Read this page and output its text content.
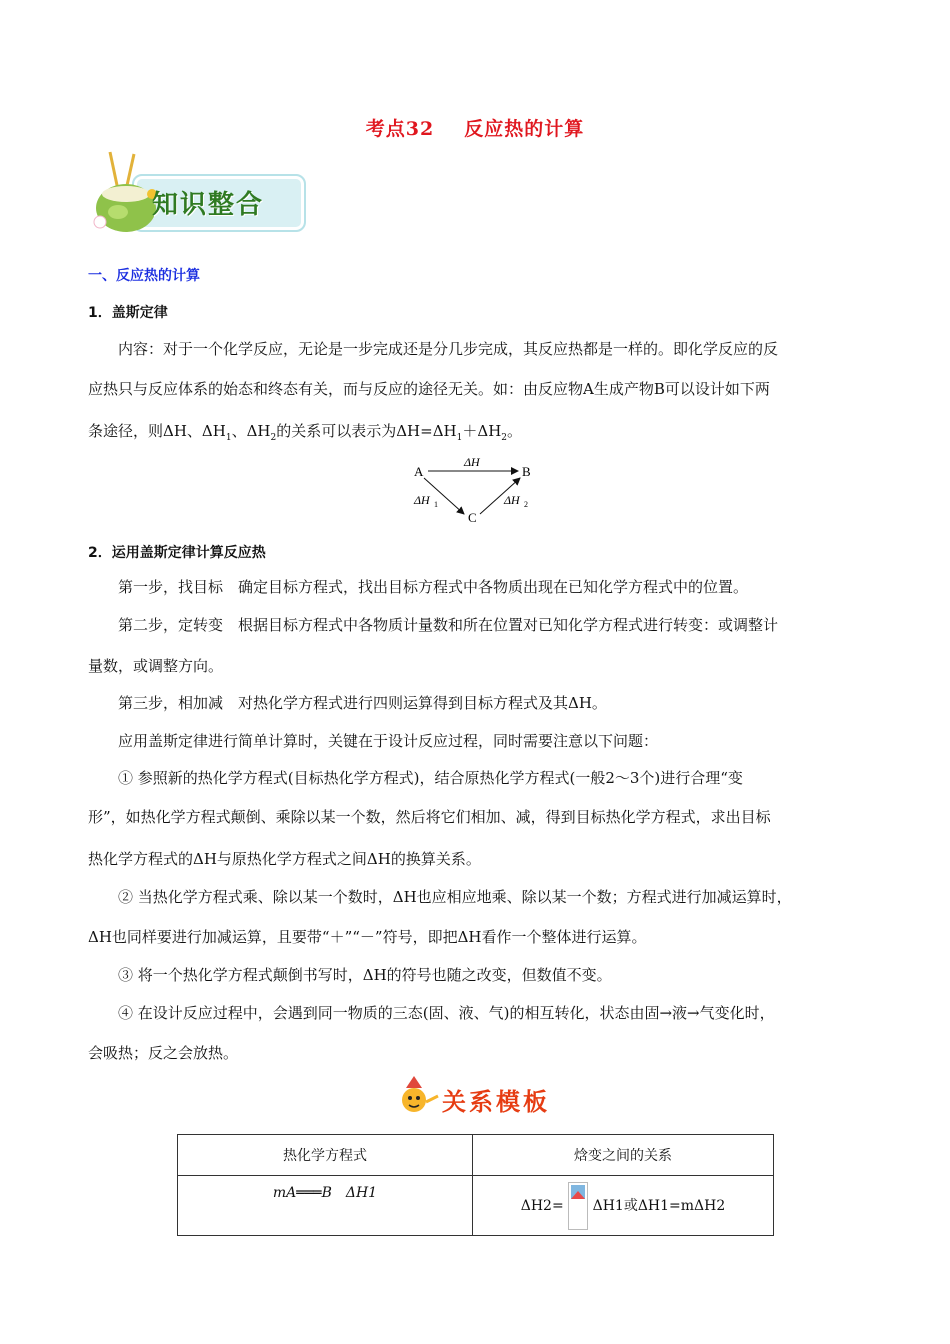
考点32 反应热的计算
知识整合
一、反应热的计算
1．盖斯定律
内容：对于一个化学反应，无论是一步完成还是分几步完成，其反应热都是一样的。即化学反应的反
应热只与反应体系的始态和终态有关，而与反应的途径无关。如：由反应物A生成产物B可以设计如下两
条途径，则ΔH、$\Delta H_1$、$\Delta H_2$的关系可以表示为$\Delta H=\Delta H_1+\Delta H_2$。
A	B
C
ΔH
ΔH 1	ΔH 2
2．运用盖斯定律计算反应热
第一步，找目标　确定目标方程式，找出目标方程式中各物质出现在已知化学方程式中的位置。
第二步，定转变　根据目标方程式中各物质计量数和所在位置对已知化学方程式进行转变：或调整计
量数，或调整方向。
第三步，相加减　对热化学方程式进行四则运算得到目标方程式及其ΔH。
应用盖斯定律进行简单计算时，关键在于设计反应过程，同时需要注意以下问题：
① 参照新的热化学方程式(目标热化学方程式)，结合原热化学方程式(一般2～3个)进行合理“变
形”，如热化学方程式颠倒、乘除以某一个数，然后将它们相加、减，得到目标热化学方程式，求出目标
热化学方程式的ΔH与原热化学方程式之间ΔH的换算关系。
② 当热化学方程式乘、除以某一个数时，ΔH也应相应地乘、除以某一个数；方程式进行加减运算时，
ΔH也同样要进行加减运算，且要带“＋”“－”符号，即把ΔH看作一个整体进行运算。
③ 将一个热化学方程式颠倒书写时，ΔH的符号也随之改变，但数值不变。
④ 在设计反应过程中，会遇到同一物质的三态(固、液、气)的相互转化，状态由固→液→气变化时，
会吸热；反之会放热。
关系模板
热化学方程式	焓变之间的关系
mA═══B　ΔH1	ΔH2= ΔH1或ΔH1=mΔH2
